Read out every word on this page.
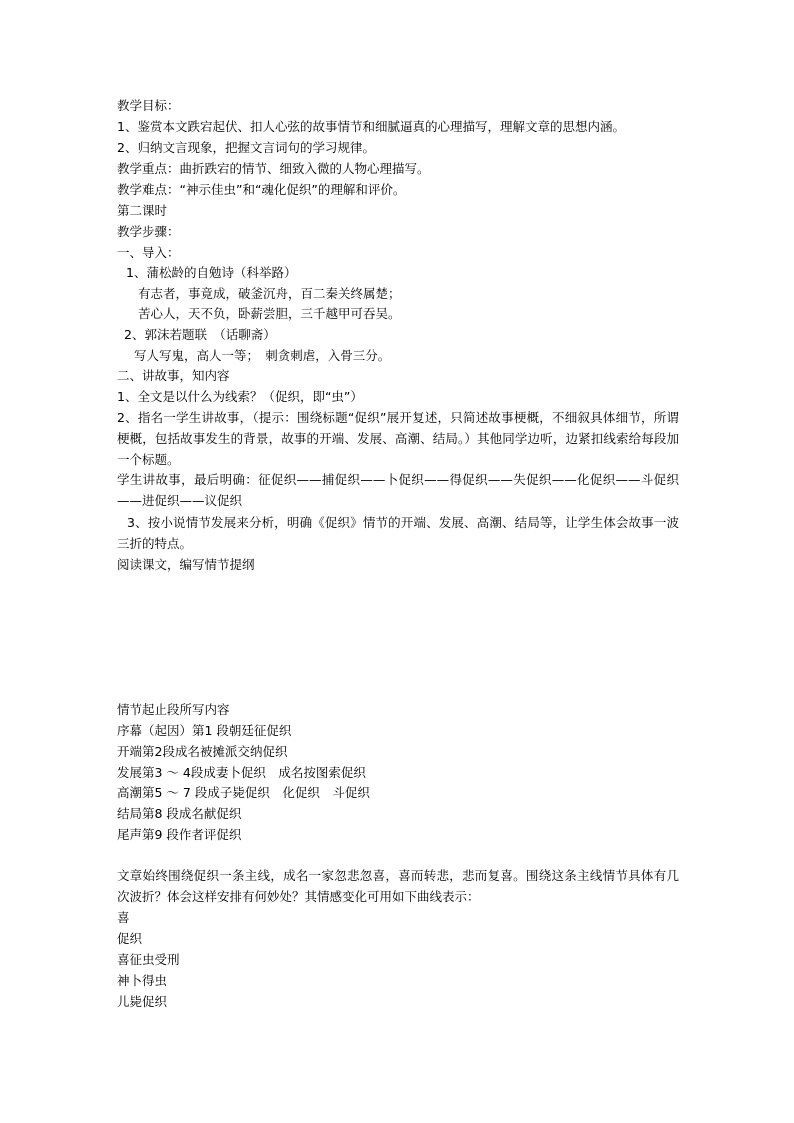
教学目标：
1、鉴赏本文跌宕起伏、扣人心弦的故事情节和细腻逼真的心理描写，理解文章的思想内涵。
2、归纳文言现象，把握文言词句的学习规律。
教学重点：曲折跌宕的情节、细致入微的人物心理描写。
教学难点：“神示佳虫”和“魂化促织”的理解和评价。
第二课时
教学步骤：
一、导入：
1、蒲松龄的自勉诗（科举路）
有志者，事竟成，破釜沉舟，百二秦关终属楚；
苦心人，天不负，卧薪尝胆，三千越甲可吞吴。
2、郭沫若题联　（话聊斋）
写人写鬼，高人一等；　刺贪刺虐，入骨三分。
二、讲故事，知内容
1、全文是以什么为线索？（促织，即“虫”）
2、指名一学生讲故事，（提示：围绕标题“促织”展开复述，只简述故事梗概，不细叙具体细节，所谓梗概，包括故事发生的背景，故事的开端、发展、高潮、结局。）其他同学边听，边紧扣线索给每段加一个标题。
学生讲故事，最后明确：征促织——捕促织——卜促织——得促织——失促织——化促织——斗促织——进促织——议促织
3、按小说情节发展来分析，明确《促织》情节的开端、发展、高潮、结局等，让学生体会故事一波三折的特点。
阅读课文，编写情节提纲
情节起止段所写内容
序幕（起因）第1 段朝廷征促织
开端第2段成名被摊派交纳促织
发展第3 ～ 4段成妻卜促织　成名按图索促织
高潮第5 ～ 7 段成子毙促织　化促织　斗促织
结局第8 段成名献促织
尾声第9 段作者评促织
文章始终围绕促织一条主线，成名一家忽悲忽喜，喜而转悲，悲而复喜。围绕这条主线情节具体有几次波折？体会这样安排有何妙处？其情感变化可用如下曲线表示：
喜
促织
喜征虫受刑
神卜得虫
儿毙促织
